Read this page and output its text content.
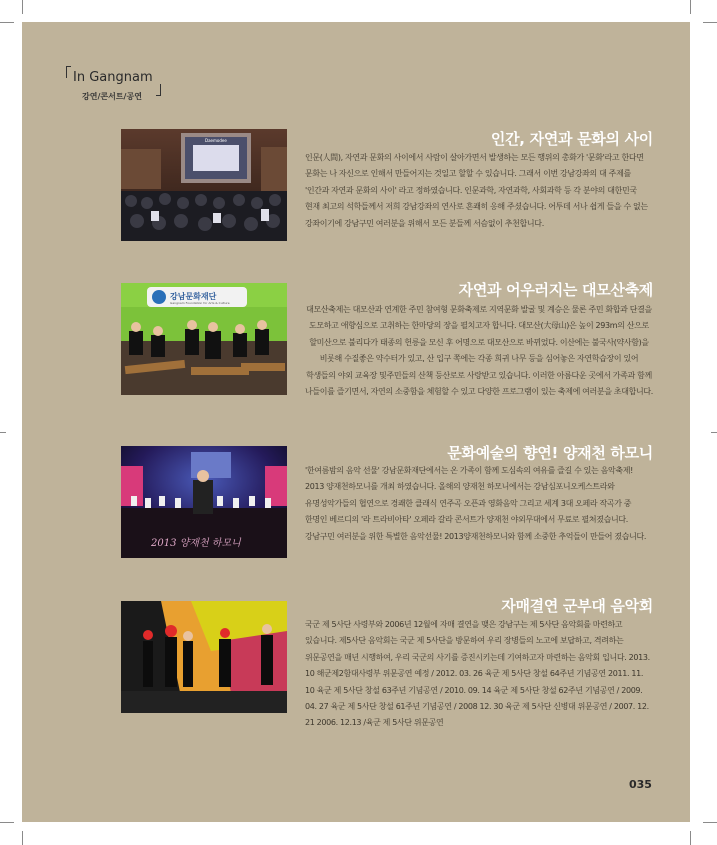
In Gangnam
강연/콘서트/공연
Daemodee	인간, 자연과 문화의 사이
인문(人間), 자연과 문화의 사이에서 사람이 살아가면서 발생하는 모든 행위의 총화가 '문화'라고 한다면 문화는 나 자신으로 인해서 만들어지는 것일고 할할 수 있습니다. 그래서 이번 강남강좌의 대 주제를 '인간과 자연과 문화의 사이' 라고 정하였습니다. 인문과학, 자연과학, 사회과학 등 각 분야의 대한민국 현재 최고의 석학들께서 저희 강남강좌의 연사로 흔쾌히 응해 주셨습니다. 어투데 서나 쉽게 들을 수 없는 강좌이기에 강남구민 여러분을 위해서 모든 분들께 서슴없이 추천합니다.
강남문화재단
Gangnam Foundation for Arts & Culture
자연과 어우러지는 대모산축제
대모산축제는 대모산과 연계한 주민 참여형 문화축제로 지역문화 발굴 및 계승은 물론 주민 화합과 단결을 도모하고 애향심으로 고취하는 한마당의 장을 펼치고자 합니다. 대모산(大母山)은 높이 293m의 산으로 할미산으로 불리다가 태종의 헌릉을 모신 후 어명으로 대모산으로 바뀌었다. 이산에는 불국사(약사함)을 비롯해 수질좋은 약수터가 있고, 산 입구 쪽에는 각종 희귀 나무 등을 심어놓은 자연학습장이 있어 학생들의 야외 교육장 및주민들의 산책 등산로로 사랑받고 있습니다. 이러한 아름다운 곳에서 가족과 함께 나들이를 즐기면서, 자연의 소중함을 체험할 수 있고 다양한 프로그램이 있는 축제에 여러분을 초대합니다.
2013 양재천 하모니
문화예술의 향연! 양재천 하모니
'한여름밤의 음악 선물' 강남문화재단에서는 온 가족이 함께 도심속의 여유를 즐길 수 있는 음악축제! 2013 양재천하모니를 개최 하였습니다. 올해의 양재천 하모니에서는 강남심포니오케스트라와 유명성악가들의 협연으로 경쾌한 클래식 연주곡 오픈과 영화음악 그리고 세계 3대 오페라 작곡가 중 한명인 베르디의 '라 트라비아타' 오페라 갈라 콘서트가 양재천 야외무대에서 무료로 펼쳐졌습니다. 강남구민 여러분을 위한 특별한 음악선물! 2013양재천하모니와 함께 소중한 추억들이 만들어 졌습니다.
자매결연 군부대 음악회
국군 제 5사단 사령부와 2006년 12월에 자매 결연을 맺은 강남구는 제 5사단 음악회를 마련하고 있습니다. 제5사단 음악회는 국군 제 5사단을 방문하여 우리 장병들의 노고에 보답하고, 격려하는 위문공연을 매년 시행하여, 우리 국군의 사기를 증진시키는데 기여하고자 마련하는 음악회 입니다. 2013. 10 해군제2함대사령부 위문공연 예정 / 2012. 03. 26 육군 제 5사단 창설 64주년 기념공연 2011. 11. 10 육군 제 5사단 창설 63주년 기념공연 / 2010. 09. 14 육군 제 5사단 창설 62주년 기념공연 / 2009. 04. 27 육군 제 5사단 창설 61주년 기념공연 / 2008 12. 30 육군 제 5사단 신병대 위문공연 / 2007. 12. 21 2006. 12.13 /육군 제 5사단 위문공연
035
